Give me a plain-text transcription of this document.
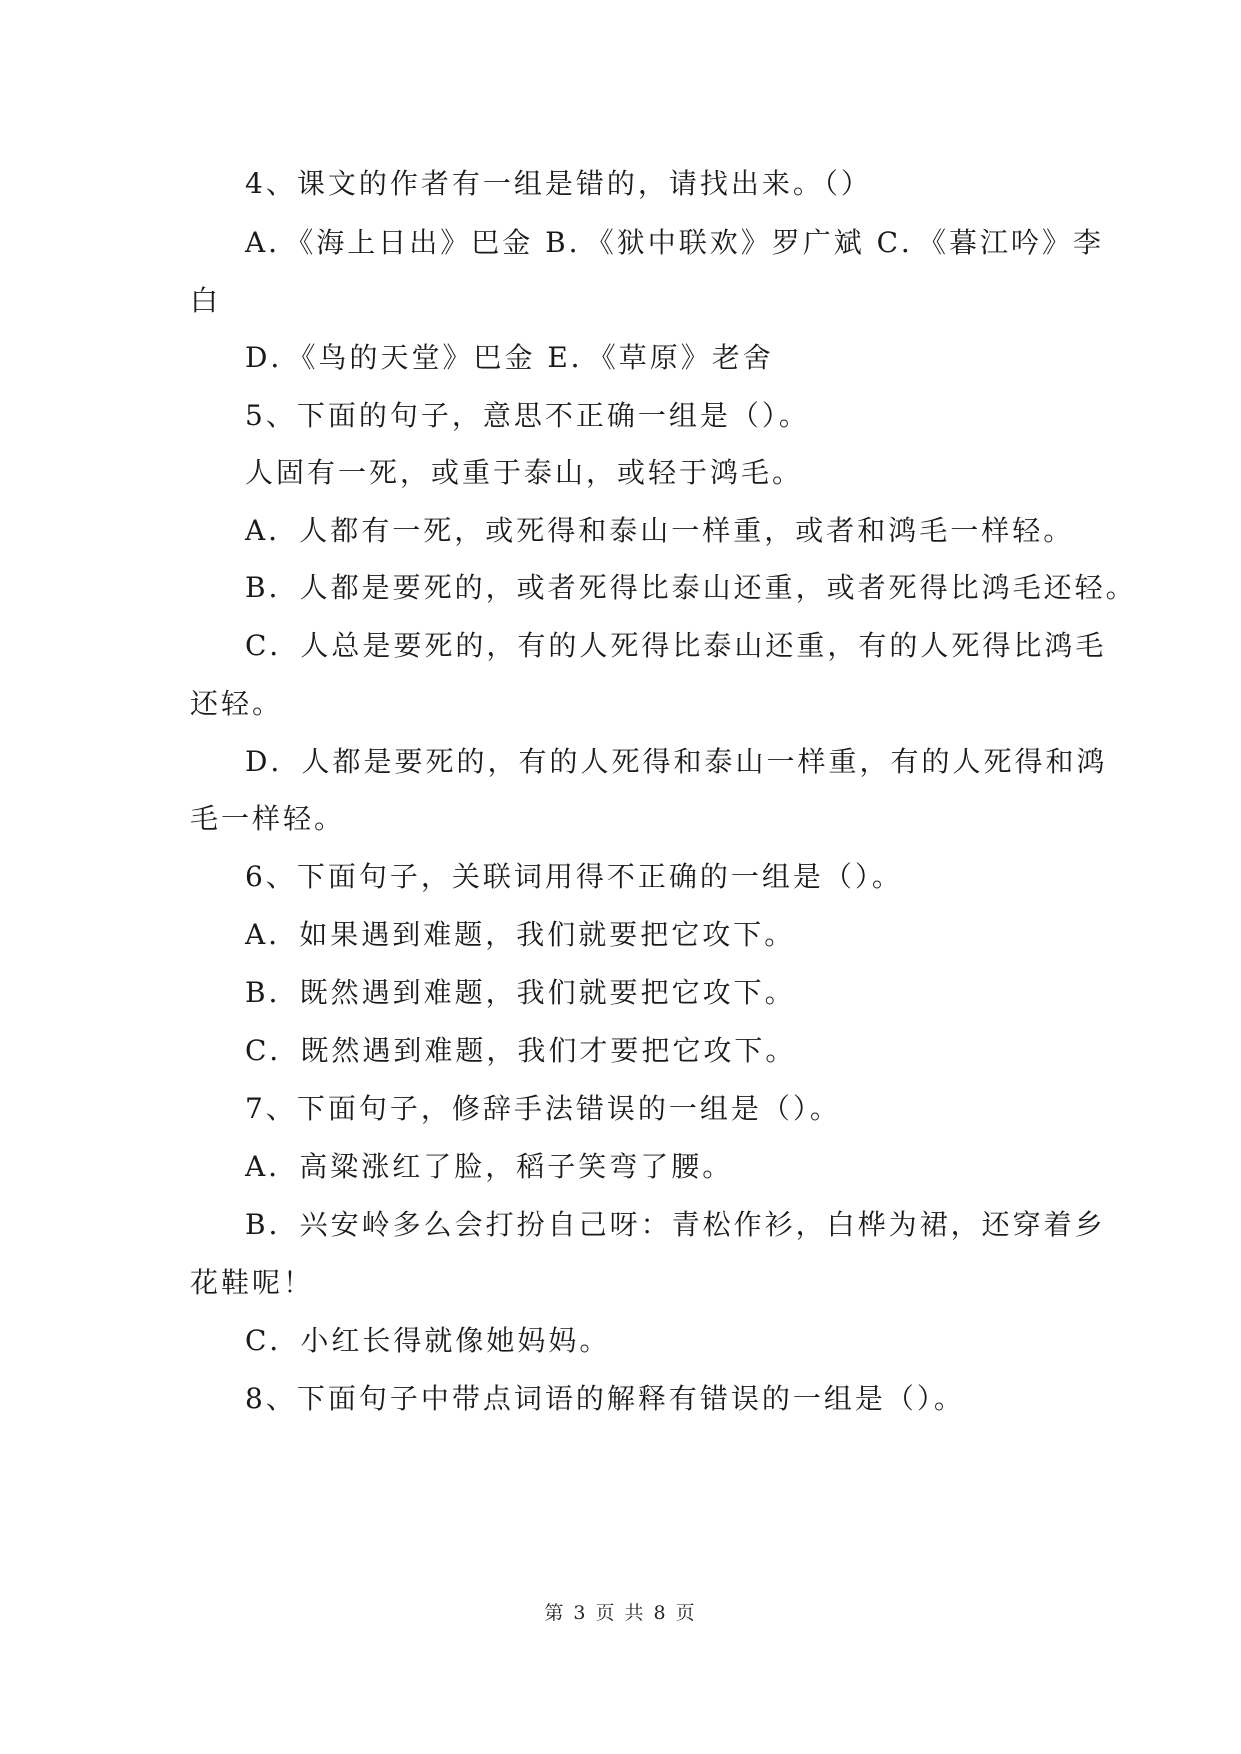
4、课文的作者有一组是错的，请找出来。（）

A．《海上日出》巴金 B．《狱中联欢》罗广斌 C．《暮江吟》李

白

D．《鸟的天堂》巴金 E．《草原》老舍

5、下面的句子，意思不正确一组是（）。

人固有一死，或重于泰山，或轻于鸿毛。

A．人都有一死，或死得和泰山一样重，或者和鸿毛一样轻。

B．人都是要死的，或者死得比泰山还重，或者死得比鸿毛还轻。

C．人总是要死的，有的人死得比泰山还重，有的人死得比鸿毛

还轻。

D．人都是要死的，有的人死得和泰山一样重，有的人死得和鸿

毛一样轻。

6、下面句子，关联词用得不正确的一组是（）。

A．如果遇到难题，我们就要把它攻下。

B．既然遇到难题，我们就要把它攻下。

C．既然遇到难题，我们才要把它攻下。

7、下面句子，修辞手法错误的一组是（）。

A．高粱涨红了脸，稻子笑弯了腰。

B．兴安岭多么会打扮自己呀：青松作衫，白桦为裙，还穿着乡

花鞋呢！

C．小红长得就像她妈妈。

8、下面句子中带点词语的解释有错误的一组是（）。

第 3 页 共 8 页
